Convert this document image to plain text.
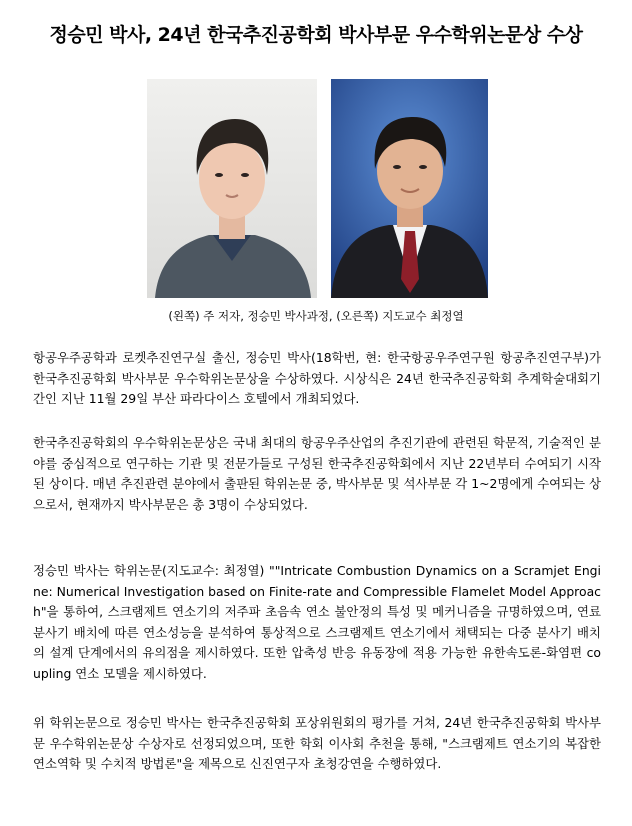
정승민 박사, 24년 한국추진공학회 박사부문 우수학위논문상 수상
(왼쪽) 주 저자, 정승민 박사과정, (오른쪽) 지도교수 최정열

항공우주공학과 로켓추진연구실 출신, 정승민 박사(18학번, 현: 한국항공우주연구원 항공추진연구부)가 한국추진공학회 박사부문 우수학위논문상을 수상하였다. 시상식은 24년 한국추진공학회 추계학술대회기간인 지난 11월 29일 부산 파라다이스 호텔에서 개최되었다.

한국추진공학회의 우수학위논문상은 국내 최대의 항공우주산업의 추진기관에 관련된 학문적, 기술적인 분야를 중심적으로 연구하는 기관 및 전문가들로 구성된 한국추진공학회에서 지난 22년부터 수여되기 시작된 상이다. 매년 추진관련 분야에서 출판된 학위논문 중, 박사부문 및 석사부문 각 1~2명에게 수여되는 상으로서, 현재까지 박사부문은 총 3명이 수상되었다.

정승민 박사는 학위논문(지도교수: 최정열) ""Intricate Combustion Dynamics on a Scramjet Engine: Numerical Investigation based on Finite-rate and Compressible Flamelet Model Approach"을 통하여, 스크램제트 연소기의 저주파 초음속 연소 불안정의 특성 및 메커니즘을 규명하였으며, 연료 분사기 배치에 따른 연소성능을 분석하여 통상적으로 스크램제트 연소기에서 채택되는 다중 분사기 배치의 설계 단계에서의 유의점을 제시하였다. 또한 압축성 반응 유동장에 적용 가능한 유한속도론-화염편 coupling 연소 모델을 제시하였다.

위 학위논문으로 정승민 박사는 한국추진공학회 포상위원회의 평가를 거쳐, 24년 한국추진공학회 박사부문 우수학위논문상 수상자로 선정되었으며, 또한 학회 이사회 추천을 통해, "스크램제트 연소기의 복잡한 연소역학 및 수치적 방법론"을 제목으로 신진연구자 초청강연을 수행하였다.
